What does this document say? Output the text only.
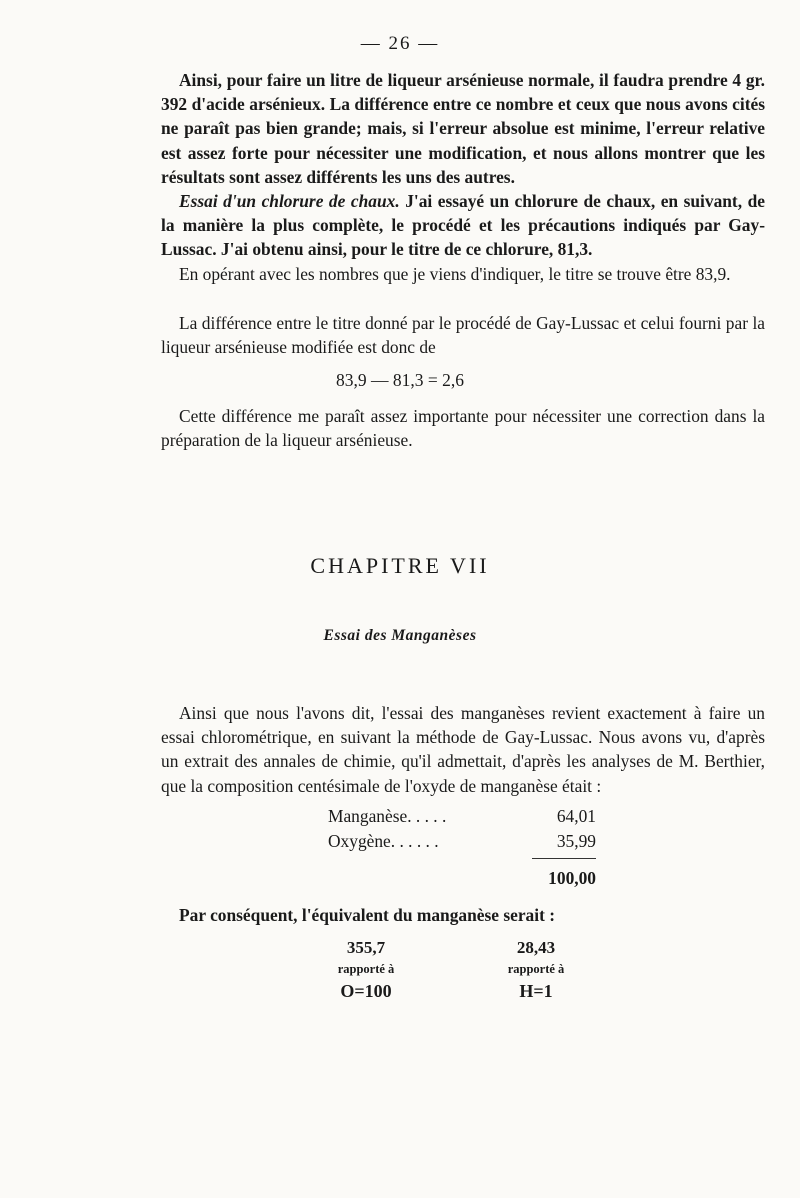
— 26 —
Ainsi, pour faire un litre de liqueur arsénieuse normale, il faudra prendre 4 gr. 392 d'acide arsénieux. La différence entre ce nombre et ceux que nous avons cités ne paraît pas bien grande; mais, si l'erreur absolue est minime, l'erreur relative est assez forte pour nécessiter une modification, et nous allons montrer que les résultats sont assez différents les uns des autres.
Essai d'un chlorure de chaux. J'ai essayé un chlorure de chaux, en suivant, de la manière la plus complète, le procédé et les précautions indiqués par Gay-Lussac. J'ai obtenu ainsi, pour le titre de ce chlorure, 81,3.
En opérant avec les nombres que je viens d'indiquer, le titre se trouve être 83,9.
La différence entre le titre donné par le procédé de Gay-Lussac et celui fourni par la liqueur arsénieuse modifiée est donc de
83,9 — 81,3 = 2,6
Cette différence me paraît assez importante pour nécessiter une correction dans la préparation de la liqueur arsénieuse.
CHAPITRE VII
Essai des Manganèses
Ainsi que nous l'avons dit, l'essai des manganèses revient exactement à faire un essai chlorométrique, en suivant la méthode de Gay-Lussac. Nous avons vu, d'après un extrait des annales de chimie, qu'il admettait, d'après les analyses de M. Berthier, que la composition centésimale de l'oxyde de manganèse était :
Manganèse. . . . .	64,01
Oxygène. . . . . .	35,99
100,00
Par conséquent, l'équivalent du manganèse serait :
355,7
rapporté à
O=100
28,43
rapporté à
H=1
